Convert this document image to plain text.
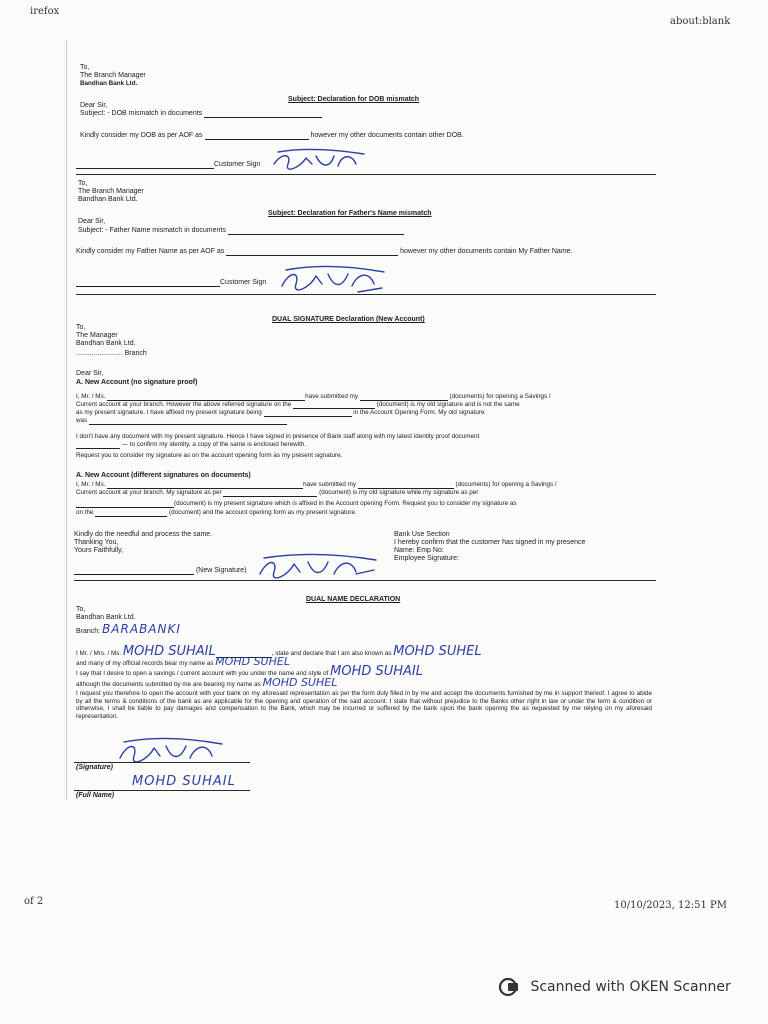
irefox
about:blank
of 2	10/10/2023, 12:51 PM
To,
The Branch Manager
Bandhan Bank Ltd.
Subject: Declaration for DOB mismatch
Dear Sir,
Subject: - DOB mismatch in documents
Kindly consider my DOB as per AOF as	however my other documents contain other DOB.
Customer Sign
To,
The Branch Manager
Bandhan Bank Ltd.
Subject: Declaration for Father's Name mismatch
Dear Sir,
Subject: - Father Name mismatch in documents
Kindly consider my Father Name as per AOF as	however my other documents contain My Father Name.
Customer Sign
DUAL SIGNATURE Declaration (New Account)
To,
The Manager
Bandhan Bank Ltd.
........................ Branch
Dear Sir,
A. New Account (no signature proof)
I, Mr. / Ms.	have submitted my	(documents) for opening a Savings /
Current account at your branch. However the above referred signature on the	(document) is my old signature and is not the same
as my present signature. I have affixed my present signature being	in the Account Opening Form. My old signature
was
I don't have any document with my present signature. Hence I have signed in presence of Bank staff along with my latest identity proof document
— to confirm my identity, a copy of the same is enclosed herewith.
Request you to consider my signature as on the account opening form as my present signature.
A. New Account (different signatures on documents)
I, Mr. / Ms.	have submitted my	(documents) for opening a Savings /
Current account at your branch. My signature as per	(document) is my old signature while my signature as per
(document) is my present signature which is affixed in the Account opening Form. Request you to consider my signature as
on the	(document) and the account opening form as my present signature.
Kindly do the needful and process the same.
Thanking You,
Yours Faithfully,
Bank Use Section
I hereby confirm that the customer has signed in my presence
Name: Emp No:
Employee Signature:
(New Signature)
DUAL NAME DECLARATION
To,
Bandhan Bank Ltd.
Branch: BARABANKI
I Mr. / Mrs. / Ms. MOHD SUHAIL	, state and declare that I am also known as MOHD SUHEL
and many of my official records bear my name as MOHD SUHEL
I say that I desire to open a savings / current account with you under the name and style of MOHD SUHAIL
although the documents submitted by me are bearing my name as MOHD SUHEL
I request you therefore to open the account with your bank on my aforesaid representation as per the form duly filled in by me and accept the documents furnished by me in support thereof. I agree to abide by all the terms & conditions of the bank as are applicable for the opening and operation of the said account. I state that without prejudice to the Banks other right in law or under the term & condition or otherwise, I shall be liable to pay damages and compensation to the Bank, which may be incurred or suffered by the bank upon the bank opening the as requested by me relying on my aforesaid representation.
(Signature)
MOHD SUHAIL
(Full Name)
Scanned with OKEN Scanner
